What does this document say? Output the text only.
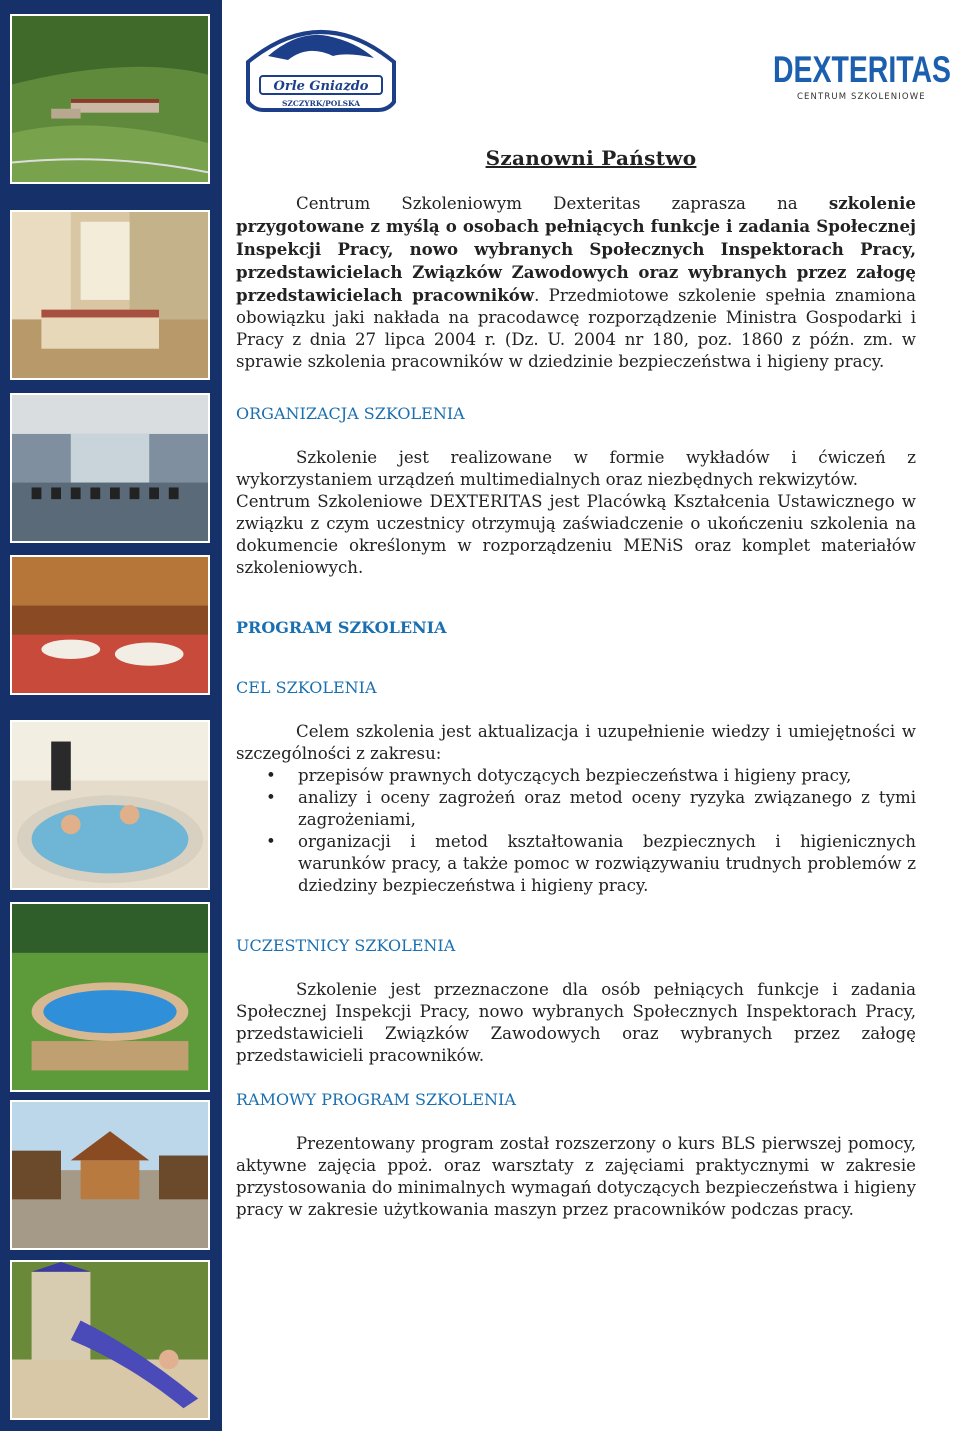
Orle Gniazdo
SZCZYRK/POLSKA
DEXTERITAS
CENTRUM SZKOLENIOWE
Szanowni Państwo

Centrum Szkoleniowym Dexteritas zaprasza na szkolenie przygotowane z myślą o osobach pełniących funkcje i zadania Społecznej Inspekcji Pracy, nowo wybranych Społecznych Inspektorach Pracy, przedstawicielach Związków Zawodowych oraz wybranych przez załogę przedstawicielach pracowników. Przedmiotowe szkolenie spełnia znamiona obowiązku jaki nakłada na pracodawcę rozporządzenie Ministra Gospodarki i Pracy z dnia 27 lipca 2004 r. (Dz. U. 2004 nr 180, poz. 1860 z późn. zm. w sprawie szkolenia pracowników w dziedzinie bezpieczeństwa i higieny pracy.

ORGANIZACJA SZKOLENIA

Szkolenie jest realizowane w formie wykładów i ćwiczeń z wykorzystaniem urządzeń multimedialnych oraz niezbędnych rekwizytów.

Centrum Szkoleniowe DEXTERITAS jest Placówką Kształcenia Ustawicznego w związku z czym uczestnicy otrzymują zaświadczenie o ukończeniu szkolenia na dokumencie określonym w rozporządzeniu MENiS oraz komplet materiałów szkoleniowych.

PROGRAM SZKOLENIA

CEL SZKOLENIA

Celem szkolenia jest aktualizacja i uzupełnienie wiedzy i umiejętności w szczególności z zakresu:

• przepisów prawnych dotyczących bezpieczeństwa i higieny pracy,
• analizy i oceny zagrożeń oraz metod oceny ryzyka związanego z tymi zagrożeniami,
• organizacji i metod kształtowania bezpiecznych i higienicznych warunków pracy, a także pomoc w rozwiązywaniu trudnych problemów z dziedziny bezpieczeństwa i higieny pracy.

UCZESTNICY SZKOLENIA

Szkolenie jest przeznaczone dla osób pełniących funkcje i zadania Społecznej Inspekcji Pracy, nowo wybranych Społecznych Inspektorach Pracy, przedstawicieli Związków Zawodowych oraz wybranych przez załogę przedstawicieli pracowników.

RAMOWY PROGRAM SZKOLENIA

Prezentowany program został rozszerzony o kurs BLS pierwszej pomocy, aktywne zajęcia ppoż. oraz warsztaty z zajęciami praktycznymi w zakresie przystosowania do minimalnych wymagań dotyczących bezpieczeństwa i higieny pracy w zakresie użytkowania maszyn przez pracowników podczas pracy.
